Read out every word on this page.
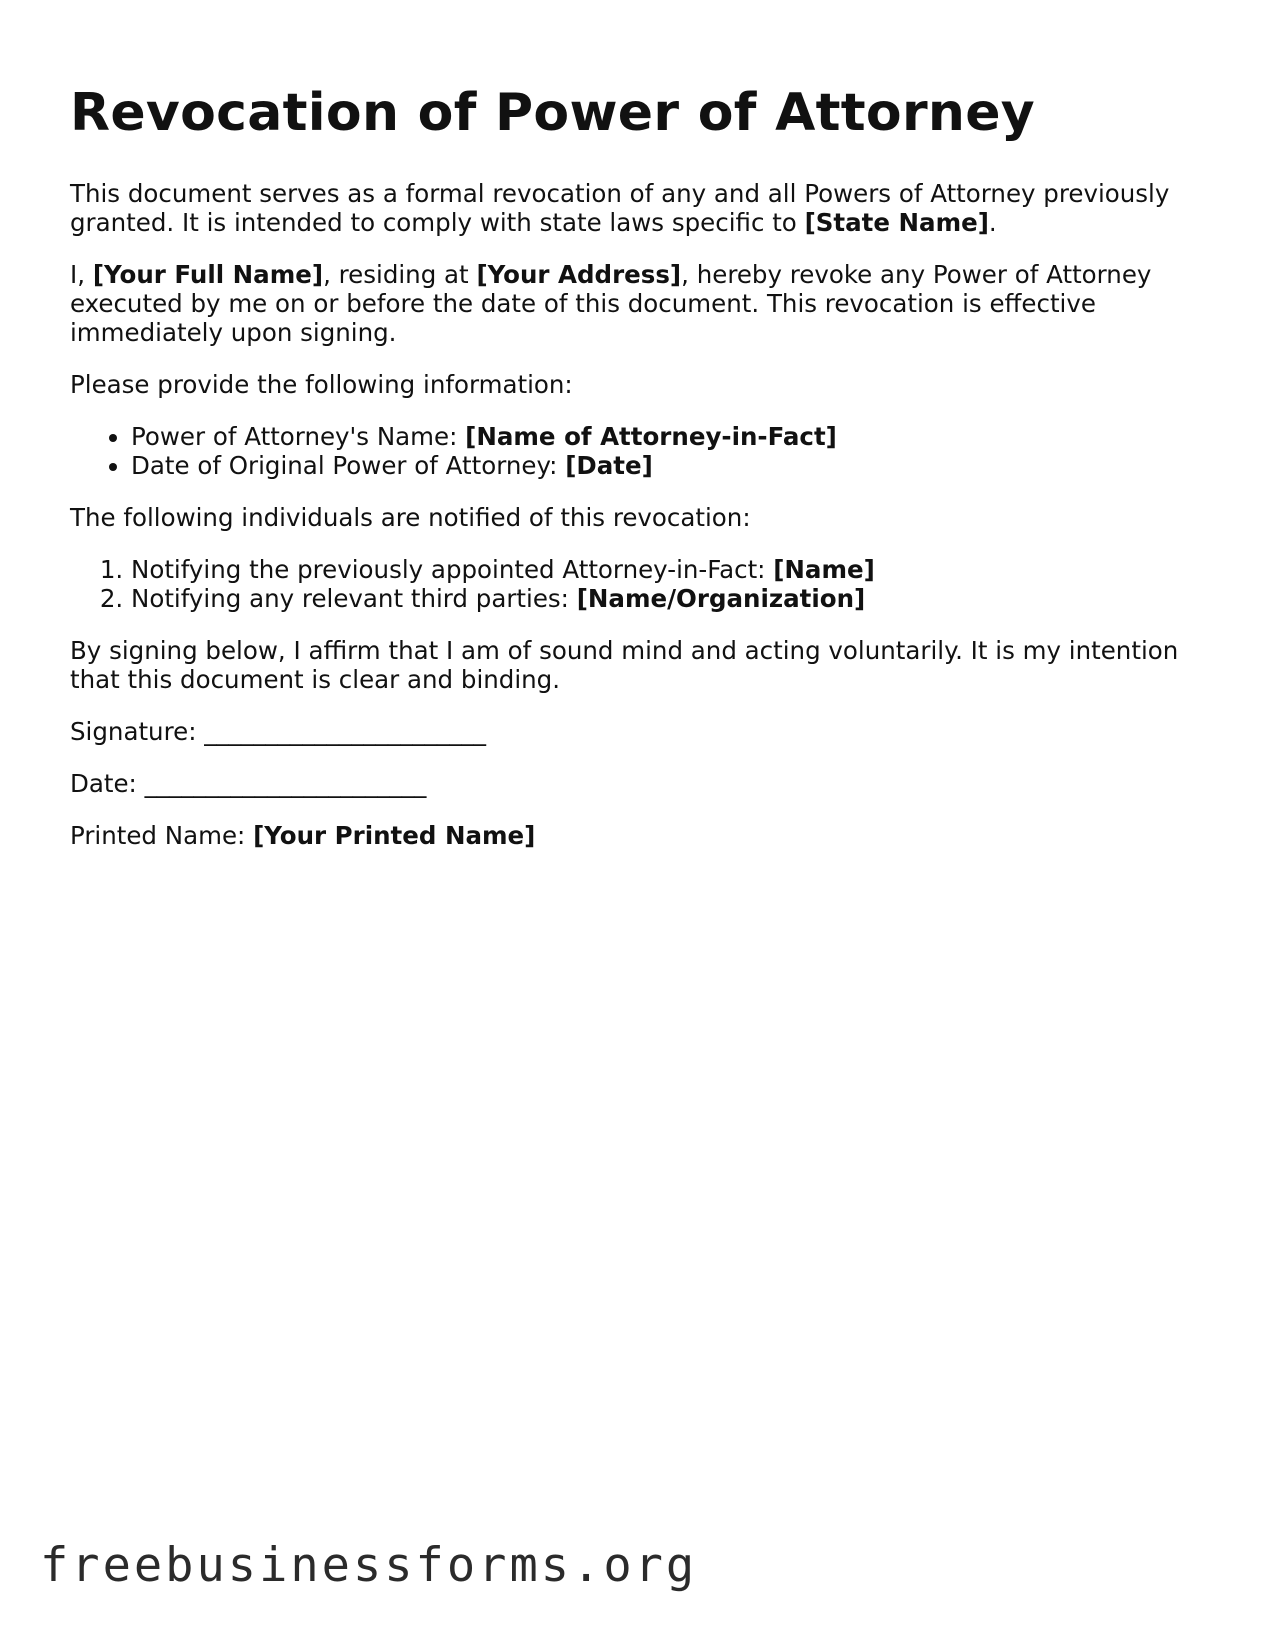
Revocation of Power of Attorney

This document serves as a formal revocation of any and all Powers of Attorney previously granted. It is intended to comply with state laws specific to [State Name].

I, [Your Full Name], residing at [Your Address], hereby revoke any Power of Attorney executed by me on or before the date of this document. This revocation is effective immediately upon signing.

Please provide the following information:

• Power of Attorney's Name: [Name of Attorney-in-Fact]
• Date of Original Power of Attorney: [Date]

The following individuals are notified of this revocation:

1. Notifying the previously appointed Attorney-in-Fact: [Name]
2. Notifying any relevant third parties: [Name/Organization]

By signing below, I affirm that I am of sound mind and acting voluntarily. It is my intention that this document is clear and binding.

Signature: _______________________

Date: _______________________

Printed Name: [Your Printed Name]

freebusinessforms.org
